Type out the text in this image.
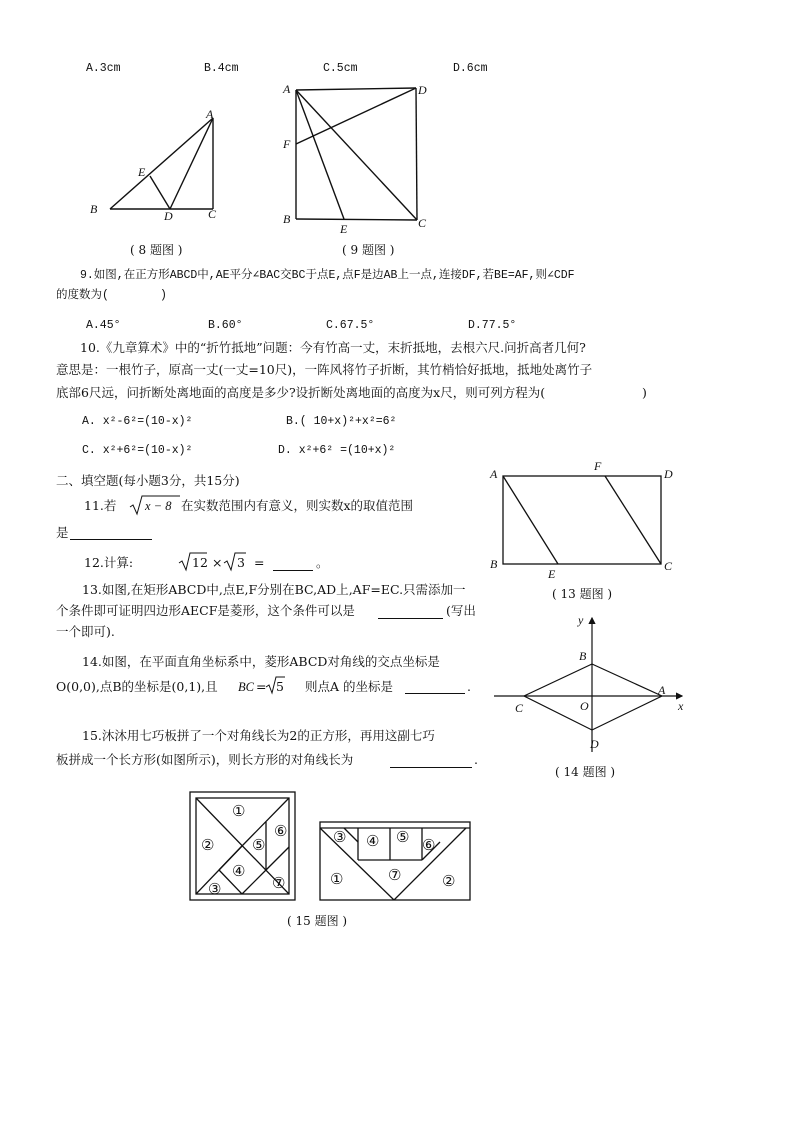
A.3cm	B.4cm	C.5cm	D.6cm
A
E
B	D	C
( 8 题图 )
A	D
F
B
E	C
( 9 题图 )
9.如图,在正方形ABCD中,AE平分∠BAC交BC于点E,点F是边AB上一点,连接DF,若BE=AF,则∠CDF
的度数为(	)
A.45°	B.60°	C.67.5°	D.77.5°
10.《九章算术》中的“折竹抵地”问题：今有竹高一丈，末折抵地，去根六尺.问折高者几何?
意思是：一根竹子，原高一丈(一丈=10尺)，一阵风将竹子折断，其竹梢恰好抵地，抵地处离竹子
底部6尺远，问折断处离地面的高度是多少?设折断处离地面的高度为x尺，则可列方程为(	)
A. x²-6²=(10-x)²	B.( 10+x)²+x²=6²
C. x²+6²=(10-x)²	D. x²+6² =(10+x)²
二、填空题(每小题3分，共15分)
11.若 x − 8 在实数范围内有意义，则实数x的取值范围
是
12.计算:	12 × 3 =	。
13.如图,在矩形ABCD中,点E,F分别在BC,AD上,AF=EC.只需添加一
个条件即可证明四边形AECF是菱形，这个条件可以是	(写出
一个即可).
14.如图，在平面直角坐标系中，菱形ABCD对角线的交点坐标是
O(0,0),点B的坐标是(0,1),且 BC = 5 则点A 的坐标是	.
15.沐沐用七巧板拼了一个对角线长为2的正方形，再用这副七巧
板拼成一个长方形(如图所示)，则长方形的对角线长为	.
A
F
D
B
E
C
( 13 题图 )
y
B
C	O
A
x
D
( 14 题图 )
①
②
③
④
⑤
⑥
⑦
③ ④ ⑤ ⑥
①	⑦	②
( 15 题图 )
